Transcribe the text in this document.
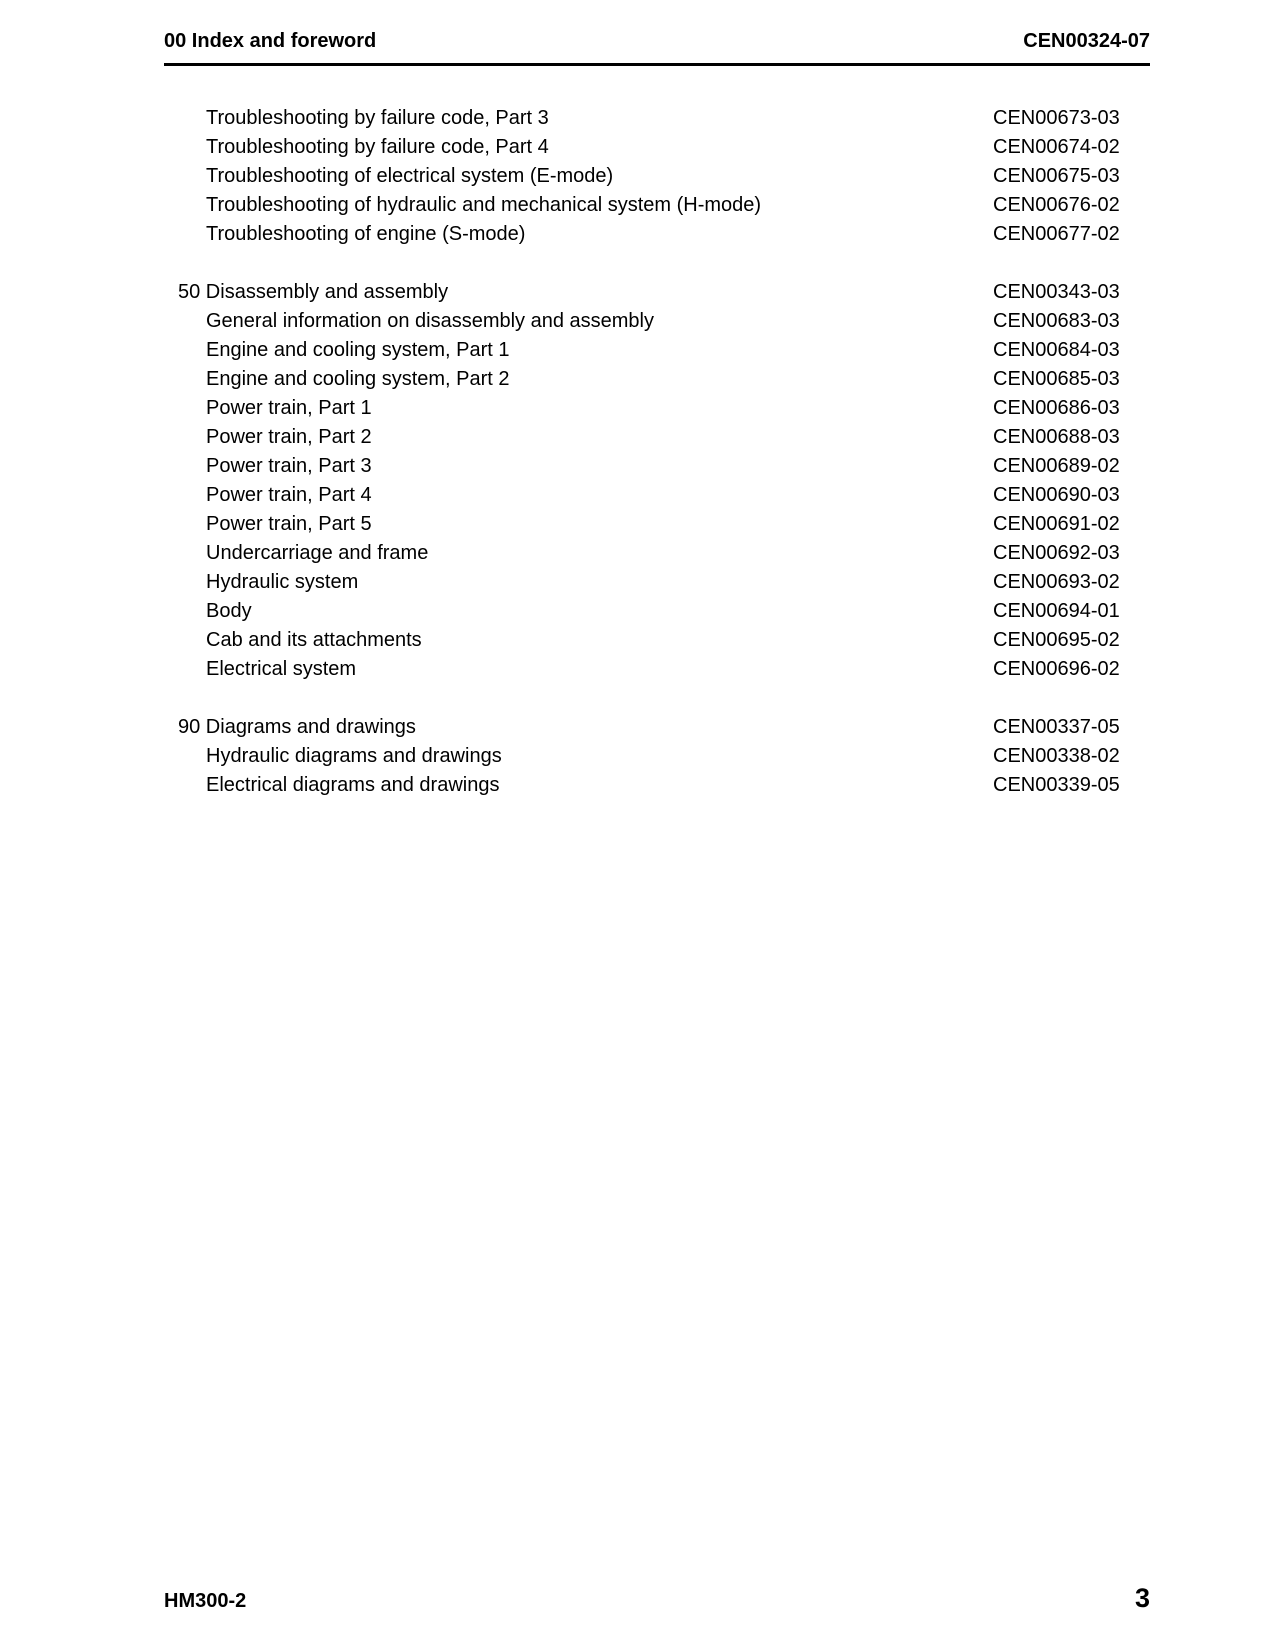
00 Index and foreword	CEN00324-07
Troubleshooting by failure code, Part 3	CEN00673-03
Troubleshooting by failure code, Part 4	CEN00674-02
Troubleshooting of electrical system (E-mode)	CEN00675-03
Troubleshooting of hydraulic and mechanical system (H-mode)	CEN00676-02
Troubleshooting of engine (S-mode)	CEN00677-02
50 Disassembly and assembly	CEN00343-03
General information on disassembly and assembly	CEN00683-03
Engine and cooling system, Part 1	CEN00684-03
Engine and cooling system, Part 2	CEN00685-03
Power train, Part 1	CEN00686-03
Power train, Part 2	CEN00688-03
Power train, Part 3	CEN00689-02
Power train, Part 4	CEN00690-03
Power train, Part 5	CEN00691-02
Undercarriage and frame	CEN00692-03
Hydraulic system	CEN00693-02
Body	CEN00694-01
Cab and its attachments	CEN00695-02
Electrical system	CEN00696-02
90 Diagrams and drawings	CEN00337-05
Hydraulic diagrams and drawings	CEN00338-02
Electrical diagrams and drawings	CEN00339-05
HM300-2	3
